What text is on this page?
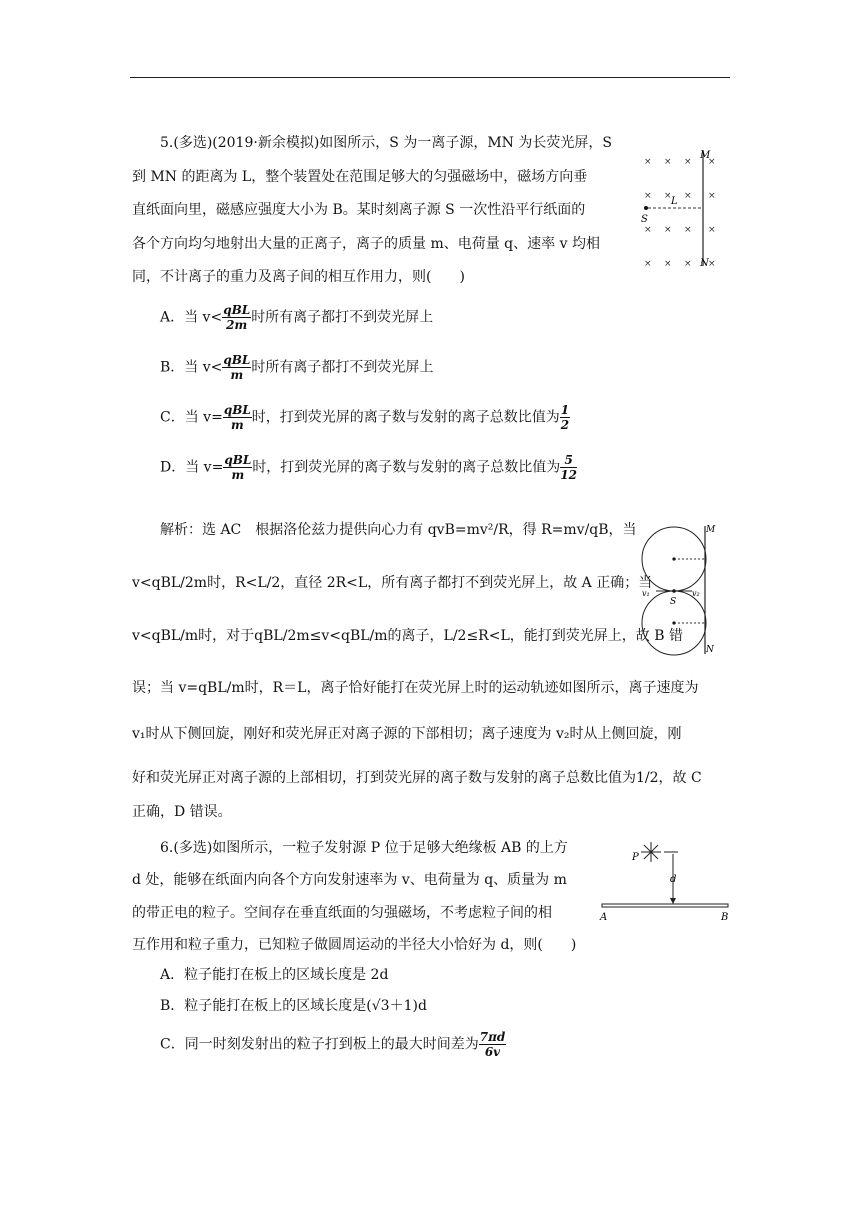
5.(多选)(2019·新余模拟)如图所示，S 为一离子源，MN 为长荧光屏，S
到 MN 的距离为 L，整个装置处在范围足够大的匀强磁场中，磁场方向垂
直纸面向里，磁感应强度大小为 B。某时刻离子源 S 一次性沿平行纸面的
各个方向均匀地射出大量的正离子，离子的质量 m、电荷量 q、速率 v 均相
同，不计离子的重力及离子间的相互作用力，则(　　)
× × × ×
× × × ×
× × × ×
× × × ×
M
N
L
S
A．当 v< qBL
2m 时所有离子都打不到荧光屏上
B．当 v< qBL
m 时所有离子都打不到荧光屏上
C．当 v= qBL
m 时，打到荧光屏的离子数与发射的离子总数比值为 $\frac{1}{2}$
D．当 v= qBL
m 时，打到荧光屏的离子数与发射的离子总数比值为 $\frac{5}{12}$
解析：选 AC　根据洛伦兹力提供向心力有 qvB=mv²/R，得 R=mv/qB，当
v<qBL/2m时，R<L/2，直径 2R<L，所有离子都打不到荧光屏上，故 A 正确；当
v<qBL/m时，对于qBL/2m≤v<qBL/m的离子，L/2≤R<L，能打到荧光屏上，故 B 错
误；当 v=qBL/m时，R＝L，离子恰好能打在荧光屏上时的运动轨迹如图所示，离子速度为
v₁时从下侧回旋，刚好和荧光屏正对离子源的下部相切；离子速度为 v₂时从上侧回旋，刚
好和荧光屏正对离子源的上部相切，打到荧光屏的离子数与发射的离子总数比值为1/2，故 C
正确，D 错误。
M
N
S
v₁	v₂
6.(多选)如图所示，一粒子发射源 P 位于足够大绝缘板 AB 的上方
d 处，能够在纸面内向各个方向发射速率为 v、电荷量为 q、质量为 m
的带正电的粒子。空间存在垂直纸面的匀强磁场，不考虑粒子间的相
互作用和粒子重力，已知粒子做圆周运动的半径大小恰好为 d，则(　　)
P
d
A	B
A．粒子能打在板上的区域长度是 2d
B．粒子能打在板上的区域长度是(√3＋1)d
C．同一时刻发射出的粒子打到板上的最大时间差为 $\frac{7\pi d}{6v}$
